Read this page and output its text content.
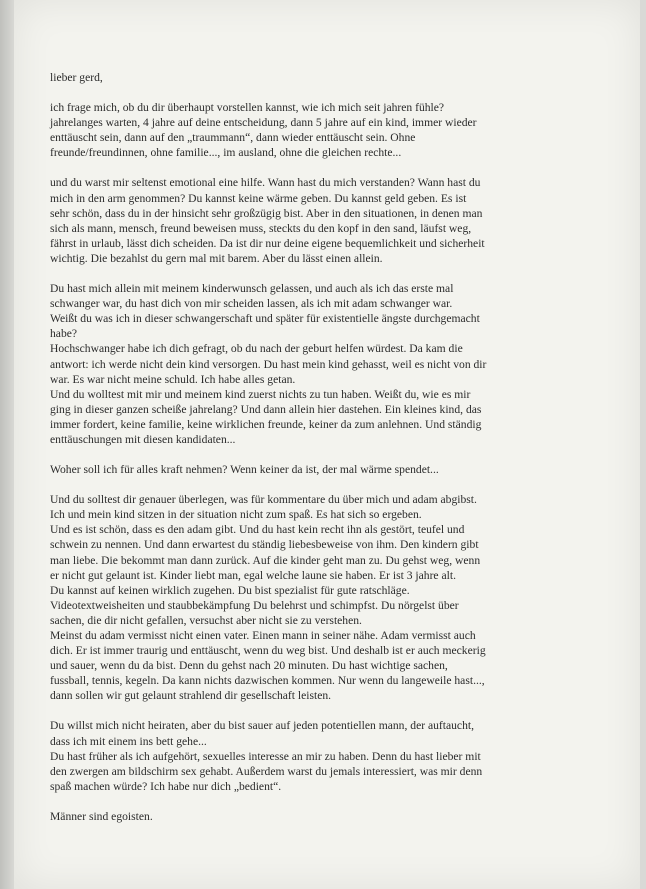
lieber gerd,

ich frage mich, ob du dir überhaupt vorstellen kannst, wie ich mich seit jahren fühle?

jahrelanges warten, 4 jahre auf deine entscheidung, dann 5 jahre auf ein kind, immer wieder

enttäuscht sein, dann auf den „traummann“, dann wieder enttäuscht sein. Ohne

freunde/freundinnen, ohne familie..., im ausland, ohne die gleichen rechte...

und du warst mir seltenst emotional eine hilfe. Wann hast du mich verstanden? Wann hast du

mich in den arm genommen? Du kannst keine wärme geben. Du kannst geld geben. Es ist

sehr schön, dass du in der hinsicht sehr großzügig bist. Aber in den situationen, in denen man

sich als mann, mensch, freund beweisen muss, steckts du den kopf in den sand, läufst weg,

fährst in urlaub, lässt dich scheiden. Da ist dir nur deine eigene bequemlichkeit und sicherheit

wichtig. Die bezahlst du gern mal mit barem. Aber du lässt einen allein.

Du hast mich allein mit meinem kinderwunsch gelassen, und auch als ich das erste mal

schwanger war, du hast dich von mir scheiden lassen, als ich mit adam schwanger war.

Weißt du was ich in dieser schwangerschaft und später für existentielle ängste durchgemacht

habe?

Hochschwanger habe ich dich gefragt, ob du nach der geburt helfen würdest. Da kam die

antwort: ich werde nicht dein kind versorgen. Du hast mein kind gehasst, weil es nicht von dir

war. Es war nicht meine schuld. Ich habe alles getan.

Und du wolltest mit mir und meinem kind zuerst nichts zu tun haben. Weißt du, wie es mir

ging in dieser ganzen scheiße jahrelang? Und dann allein hier dastehen. Ein kleines kind, das

immer fordert, keine familie, keine wirklichen freunde, keiner da zum anlehnen. Und ständig

enttäuschungen mit diesen kandidaten...

Woher soll ich für alles kraft nehmen? Wenn keiner da ist, der mal wärme spendet...

Und du solltest dir genauer überlegen, was für kommentare du über mich und adam abgibst.

Ich und mein kind sitzen in der situation nicht zum spaß. Es hat sich so ergeben.

Und es ist schön, dass es den adam gibt. Und du hast kein recht ihn als gestört, teufel und

schwein zu nennen. Und dann erwartest du ständig liebesbeweise von ihm. Den kindern gibt

man liebe. Die bekommt man dann zurück. Auf die kinder geht man zu. Du gehst weg, wenn

er nicht gut gelaunt ist. Kinder liebt man, egal welche laune sie haben. Er ist 3 jahre alt.

Du kannst auf keinen wirklich zugehen. Du bist spezialist für gute ratschläge.

Videotextweisheiten und staubbekämpfung Du belehrst und schimpfst. Du nörgelst über

sachen, die dir nicht gefallen, versuchst aber nicht sie zu verstehen.

Meinst du adam vermisst nicht einen vater. Einen mann in seiner nähe. Adam vermisst auch

dich. Er ist immer traurig und enttäuscht, wenn du weg bist. Und deshalb ist er auch meckerig

und sauer, wenn du da bist. Denn du gehst nach 20 minuten. Du hast wichtige sachen,

fussball, tennis, kegeln. Da kann nichts dazwischen kommen. Nur wenn du langeweile hast...,

dann sollen wir gut gelaunt strahlend dir gesellschaft leisten.

Du willst mich nicht heiraten, aber du bist sauer auf jeden potentiellen mann, der auftaucht,

dass ich mit einem ins bett gehe...

Du hast früher als ich aufgehört, sexuelles interesse an mir zu haben. Denn du hast lieber mit

den zwergen am bildschirm sex gehabt. Außerdem warst du jemals interessiert, was mir denn

spaß machen würde? Ich habe nur dich „bedient“.

Männer sind egoisten.
